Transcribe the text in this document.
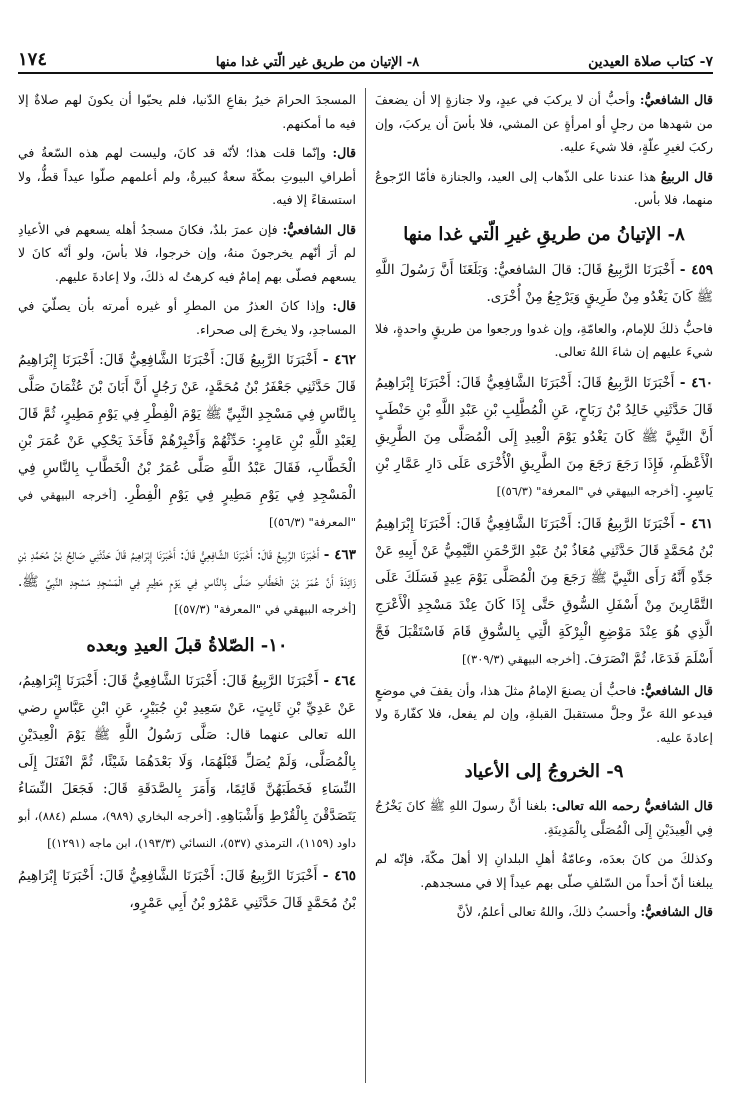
٧- كتاب صلاة العيدين
٨- الإتيان من طريق غير الّتي غدا منها
١٧٤

قال الشافعيُّ: وأحبُّ أن لا يركبَ في عيدٍ، ولا جنازةٍ إلا أن يضعفَ من شهدها من رجلٍ أو امرأةٍ عن المشي، فلا بأسَ أن يركبَ، وإن ركبَ لغيرِ علّةٍ، فلا شيءَ عليه.

قال الربيعُ هذا عندنا على الذّهاب إلى العيد، والجنازة فأمّا الرّجوعُ منهما، فلا بأس.

٨- الإتيانُ من طريقِ غيرِ الّتي غدا منها

٤٥٩ - أَخْبَرَنَا الرَّبِيعُ قَالَ: قالَ الشافعيُّ: وَبَلَغَنَا أَنَّ رَسُولَ اللَّهِ ﷺ كَانَ يَغْدُو مِنْ طَرِيقٍ وَيَرْجِعُ مِنْ أُخْرَى.

فاحبُّ ذلكَ للإمام، والعامّةِ، وإن غدوا ورجعوا من طريقٍ واحدةٍ، فلا شيءَ عليهم إن شاءَ اللهُ تعالى.

٤٦٠ - أَخْبَرَنَا الرَّبِيعُ قَالَ: أَخْبَرَنَا الشَّافِعِيُّ قَالَ: أَخْبَرَنَا إِبْرَاهِيمُ قَالَ حَدَّثَنِي خَالِدُ بْنُ رَبَاحٍ، عَنِ الْمُطَّلِبِ بْنِ عَبْدِ اللَّهِ بْنِ حَنْطَبٍ أَنَّ النَّبِيَّ ﷺ كَانَ يَغْدُو يَوْمَ الْعِيدِ إِلَى الْمُصَلَّى مِنَ الطَّرِيقِ الْأَعْظَمِ، فَإِذَا رَجَعَ رَجَعَ مِنَ الطَّرِيقِ الْأُخْرَى عَلَى دَارِ عَمَّارِ بْنِ يَاسِرٍ. [أخرجه البيهقي في "المعرفة" (٥٦/٣)]

٤٦١ - أَخْبَرَنَا الرَّبِيعُ قَالَ: أَخْبَرَنَا الشَّافِعِيُّ قَالَ: أَخْبَرَنَا إِبْرَاهِيمُ بْنُ مُحَمَّدٍ قَالَ حَدَّثَنِي مُعَاذُ بْنُ عَبْدِ الرَّحْمَنِ التَّيْمِيُّ عَنْ أَبِيهِ عَنْ جَدِّهِ أَنَّهُ رَأَى النَّبِيَّ ﷺ رَجَعَ مِنَ الْمُصَلَّى يَوْمَ عِيدٍ فَسَلَكَ عَلَى التَّمَّارِينَ مِنْ أَسْفَلِ السُّوقِ حَتَّى إِذَا كَانَ عِنْدَ مَسْجِدِ الْأَعْرَجِ الَّذِي هُوَ عِنْدَ مَوْضِعِ الْبِرْكَةِ الَّتِي بِالسُّوقِ قَامَ فَاسْتَقْبَلَ فَجَّ أَسْلَمَ فَدَعَا، ثُمَّ انْصَرَفَ. [أخرجه البيهقي (٣٠٩/٣)]

قال الشافعيُّ: فاحبُّ أن يصنعَ الإمامُ مثلَ هذا، وأن يقفَ في موضعٍ فيدعو اللهَ عزَّ وجلَّ مستقبلَ القبلةِ، وإن لم يفعل، فلا كفّارةَ ولا إعادةَ عليه.

٩- الخروجُ إلى الأعياد

قال الشافعيُّ رحمه الله تعالى: بلغنا أنَّ رسولَ اللهِ ﷺ كانَ يَخْرُجُ فِي الْعِيدَيْنِ إِلَى الْمُصَلَّى بِالْمَدِينَةِ.

وكذلكَ من كانَ بعدَه، وعامّةُ أهلِ البلدانِ إلا أهلَ مكّةَ، فإنّه لم يبلغنا أنّ أحداً من السّلفِ صلّى بهم عيداً إلا في مسجدهم.

قال الشافعيُّ: وأحسبُ ذلكَ، واللهُ تعالى أعلمُ، لأنَّ

المسجدَ الحرامَ خيرُ بقاعِ الدّنيا، فلم يحبّوا أن يكونَ لهم صلاةٌ إلا فيه ما أمكنهم.

قال: وإنّما قلت هذا؛ لأنّه قد كانَ، وليست لهم هذه السّعةُ في أطرافِ البيوتِ بمكّةَ سعةٌ كبيرةٌ، ولم أعلمهم صلّوا عيداً قطُّ، ولا استسقاءً إلا فيه.

قال الشافعيُّ: فإن عمرَ بلدٌ، فكانَ مسجدُ أهله يسعهم في الأعيادِ لم أرَ أنّهم يخرجونَ منهُ، وإن خرجوا، فلا بأسَ، ولو أنّه كانَ لا يسعهم فصلّى بهم إمامٌ فيه كرهتُ له ذلكَ، ولا إعادةَ عليهم.

قال: وإذا كانَ العذرُ من المطرِ أو غيره أمرته بأن يصلّيَ في المساجدِ، ولا يخرجَ إلى صحراء.

٤٦٢ - أَخْبَرَنَا الرَّبِيعُ قَالَ: أَخْبَرَنَا الشَّافِعِيُّ قَالَ: أَخْبَرَنَا إِبْرَاهِيمُ قَالَ حَدَّثَنِي جَعْفَرُ بْنُ مُحَمَّدٍ، عَنْ رَجُلٍ أَنَّ أَبَانَ بْنَ عُثْمَانَ صَلَّى بِالنَّاسِ فِي مَسْجِدِ النَّبِيِّ ﷺ يَوْمَ الْفِطْرِ فِي يَوْمِ مَطِيرٍ، ثُمَّ قَالَ لِعَبْدِ اللَّهِ بْنِ عَامِرٍ: حَدِّثْهُمْ وَأَخْبِرْهُمْ فَأَخَذَ يَحْكِي عَنْ عُمَرَ بْنِ الْخَطَّابِ، فَقَالَ عَبْدُ اللَّهِ صَلَّى عُمَرُ بْنُ الْخَطَّابِ بِالنَّاسِ فِي الْمَسْجِدِ فِي يَوْمِ مَطِيرٍ فِي يَوْمِ الْفِطْرِ. [أخرجه البيهقي في "المعرفة" (٥٦/٣)]

٤٦٣ - أَخْبَرَنَا الرَّبِيعُ قَالَ: أَخْبَرَنَا الشَّافِعِيُّ قَالَ: أَخْبَرَنَا إِبْرَاهِيمُ قَالَ حَدَّثَنِي صَالِحُ بْنُ مُحَمَّدِ بْنِ زَائِدَةَ أَنَّ عُمَرَ بْنَ الْخَطَّابِ صَلَّى بِالنَّاسِ فِي يَوْمٍ مَطِيرٍ فِي الْمَسْجِدِ مَسْجِدِ النَّبِيِّ ﷺ. [أخرجه البيهقي في "المعرفة" (٥٧/٣)]

١٠- الصّلاةُ قبلَ العيدِ وبعده

٤٦٤ - أَخْبَرَنَا الرَّبِيعُ قَالَ: أَخْبَرَنَا الشَّافِعِيُّ قَالَ: أَخْبَرَنَا إِبْرَاهِيمُ، عَنْ عَدِيِّ بْنِ ثَابِتٍ، عَنْ سَعِيدِ بْنِ جُبَيْرٍ، عَنِ ابْنِ عَبَّاسٍ رضي الله تعالى عنهما قال: صَلَّى رَسُولُ اللَّهِ ﷺ يَوْمَ الْعِيدَيْنِ بِالْمُصَلَّى، وَلَمْ يُصَلِّ قَبْلَهُمَا، وَلَا بَعْدَهُمَا شَيْئًا، ثُمَّ انْفَتَلَ إِلَى النِّسَاءِ فَخَطَبَهُنَّ قَائِمًا، وَأَمَرَ بِالصَّدَقَةِ قَالَ: فَجَعَلَ النِّسَاءُ يَتَصَدَّقْنَ بِالْقُرْطِ وَأَشْبَاهِهِ. [أخرجه البخاري (٩٨٩)، مسلم (٨٨٤)، أبو داود (١١٥٩)، الترمذي (٥٣٧)، النسائي (١٩٣/٣)، ابن ماجه (١٢٩١)]

٤٦٥ - أَخْبَرَنَا الرَّبِيعُ قَالَ: أَخْبَرَنَا الشَّافِعِيُّ قَالَ: أَخْبَرَنَا إِبْرَاهِيمُ بْنُ مُحَمَّدٍ قَالَ حَدَّثَنِي عَمْرُو بْنُ أَبِي عَمْرٍو،
